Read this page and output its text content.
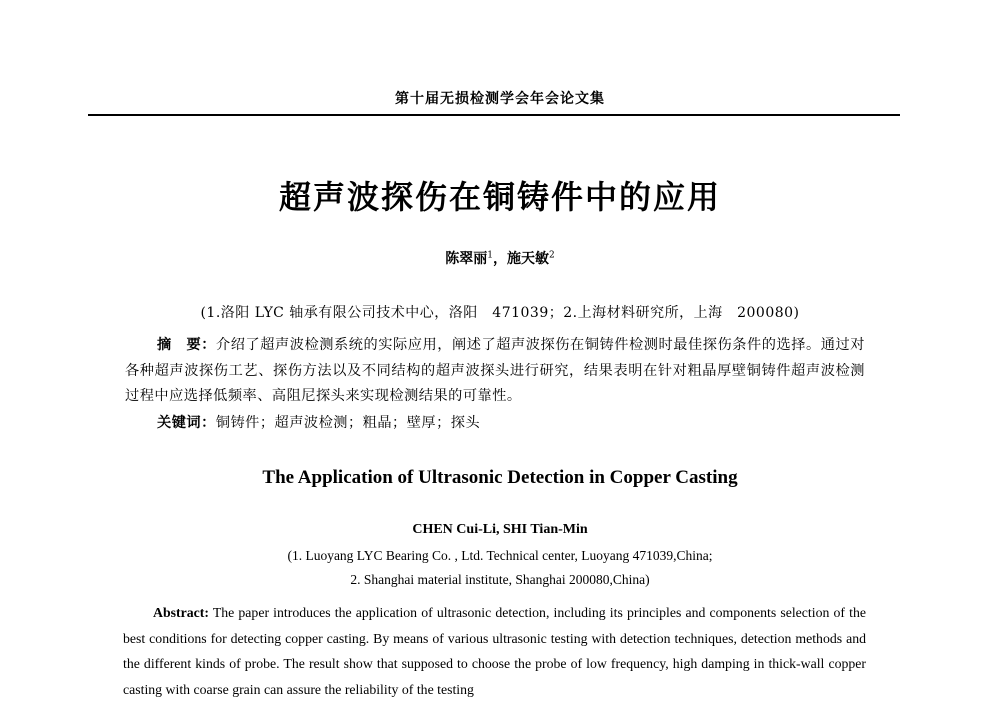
第十届无损检测学会年会论文集
超声波探伤在铜铸件中的应用
陈翠丽$^1$，施天敏$^2$
(1.洛阳 LYC 轴承有限公司技术中心，洛阳　471039；2.上海材料研究所，上海　200080)

摘　要：介绍了超声波检测系统的实际应用，阐述了超声波探伤在铜铸件检测时最佳探伤条件的选择。通过对各种超声波探伤工艺、探伤方法以及不同结构的超声波探头进行研究，结果表明在针对粗晶厚壁铜铸件超声波检测过程中应选择低频率、高阻尼探头来实现检测结果的可靠性。

关键词：铜铸件；超声波检测；粗晶；壁厚；探头
The Application of Ultrasonic Detection in Copper Casting
CHEN Cui-Li, SHI Tian-Min
(1. Luoyang LYC Bearing Co. , Ltd. Technical center, Luoyang 471039,China;
2. Shanghai material institute, Shanghai 200080,China)

Abstract: The paper introduces the application of ultrasonic detection, including its principles and components selection of the best conditions for detecting copper casting. By means of various ultrasonic testing with detection techniques, detection methods and the different kinds of probe. The result show that supposed to choose the probe of low frequency, high damping in thick-wall copper casting with coarse grain can assure the reliability of the testing
